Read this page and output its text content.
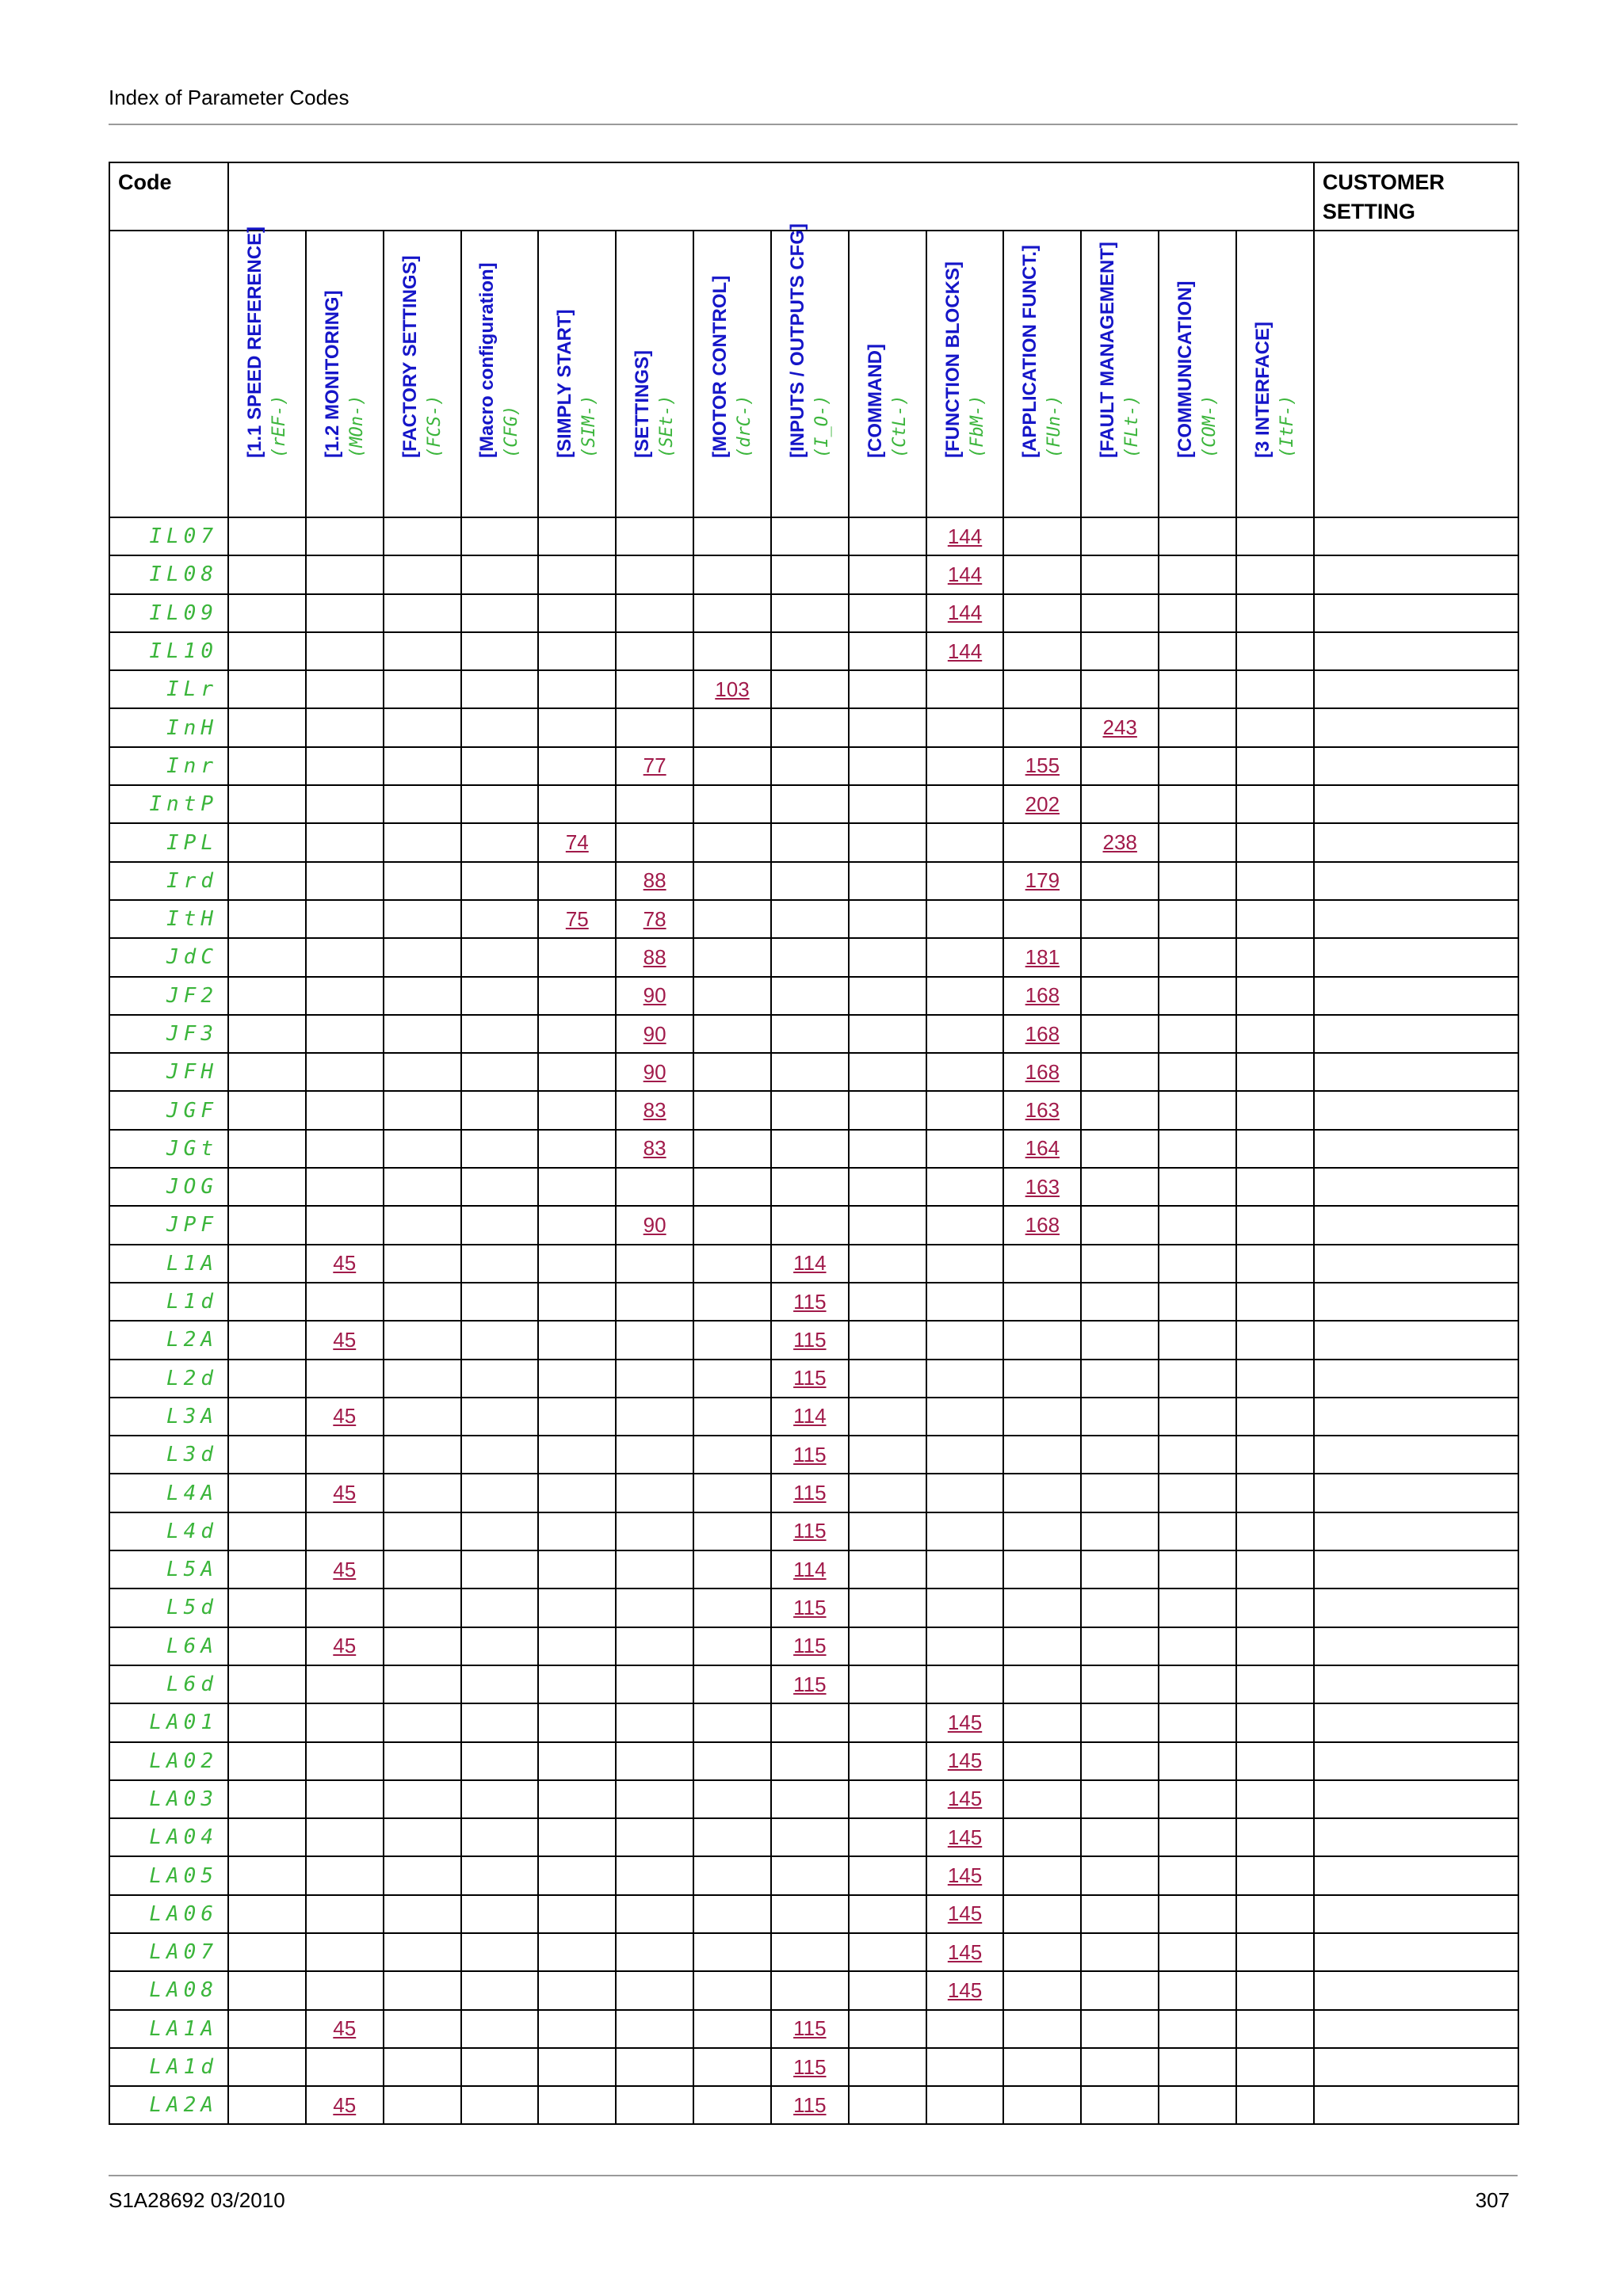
Index of Parameter Codes
Code															CUSTOMER SETTING

	[1.1 SPEED REFERENCE] (rEF-)	[1.2 MONITORING] (MOn-)	[FACTORY SETTINGS] (FCS-)	[Macro configuration] (CFG)	[SIMPLY START] (SIM-)	[SETTINGS] (SEt-)	[MOTOR CONTROL] (drC-)	[INPUTS / OUTPUTS CFG] (I_O-)	[COMMAND] (CtL-)	[FUNCTION BLOCKS] (FbM-)	[APPLICATION FUNCT.] (FUn-)	[FAULT MANAGEMENT] (FLt-)	[COMMUNICATION] (COM-)	[3 INTERFACE] (ItF-)	

IL07										144					
IL08										144					
IL09										144					
IL10										144					
ILr							103								
InH												243			
Inr						77					155				
IntP											202				
IPL					74							238			
Ird						88					179				
ItH					75	78									
JdC						88					181				
JF2						90					168				
JF3						90					168				
JFH						90					168				
JGF						83					163				
JGt						83					164				
JOG											163				
JPF						90					168				
L1A		45						114							
L1d								115							
L2A		45						115							
L2d								115							
L3A		45						114							
L3d								115							
L4A		45						115							
L4d								115							
L5A		45						114							
L5d								115							
L6A		45						115							
L6d								115							
LA01										145					
LA02										145					
LA03										145					
LA04										145					
LA05										145					
LA06										145					
LA07										145					
LA08										145					
LA1A		45						115							
LA1d								115							
LA2A		45						115							
S1A28692 03/2010	307
